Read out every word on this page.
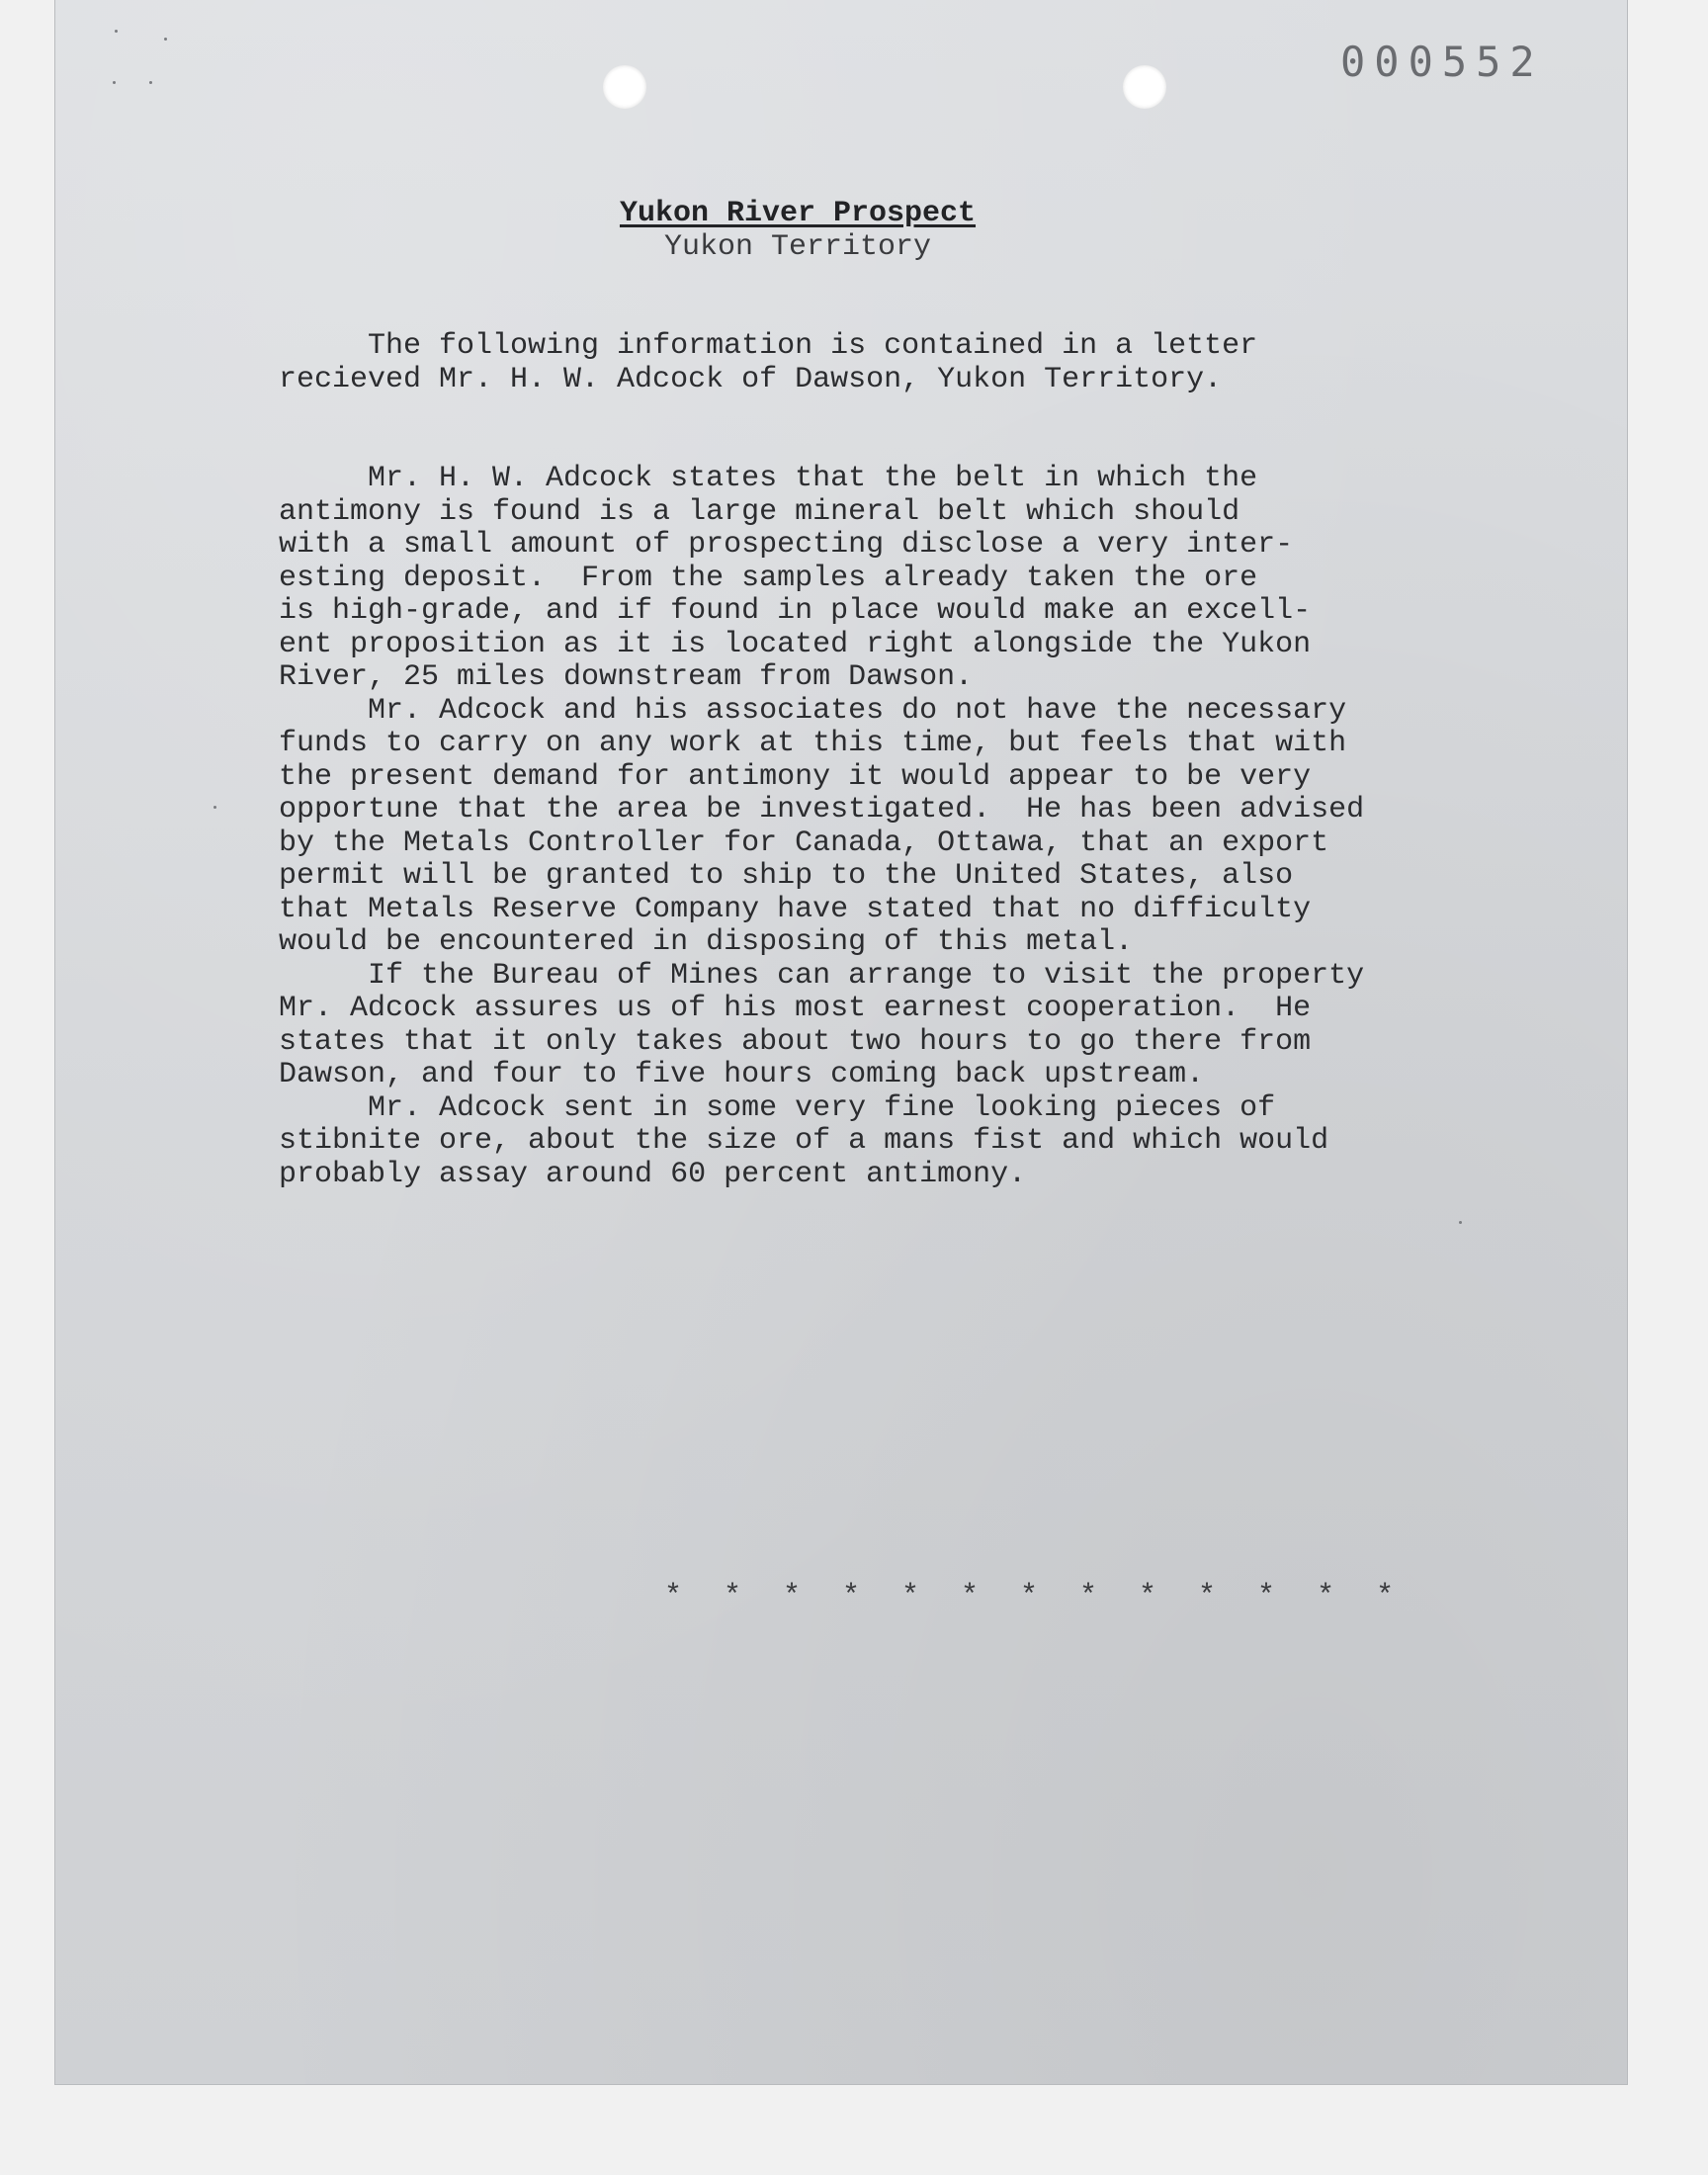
000552
Yukon River Prospect
Yukon Territory

The following information is contained in a letter
recieved Mr. H. W. Adcock of Dawson, Yukon Territory.

Mr. H. W. Adcock states that the belt in which the
antimony is found is a large mineral belt which should
with a small amount of prospecting disclose a very inter-
esting deposit.  From the samples already taken the ore
is high-grade, and if found in place would make an excell-
ent proposition as it is located right alongside the Yukon
River, 25 miles downstream from Dawson.

Mr. Adcock and his associates do not have the necessary
funds to carry on any work at this time, but feels that with
the present demand for antimony it would appear to be very
opportune that the area be investigated.  He has been advised
by the Metals Controller for Canada, Ottawa, that an export
permit will be granted to ship to the United States, also
that Metals Reserve Company have stated that no difficulty
would be encountered in disposing of this metal.

If the Bureau of Mines can arrange to visit the property
Mr. Adcock assures us of his most earnest cooperation.  He
states that it only takes about two hours to go there from
Dawson, and four to five hours coming back upstream.

Mr. Adcock sent in some very fine looking pieces of
stibnite ore, about the size of a mans fist and which would
probably assay around 60 percent antimony.

* * * * * * * * * * * * *
